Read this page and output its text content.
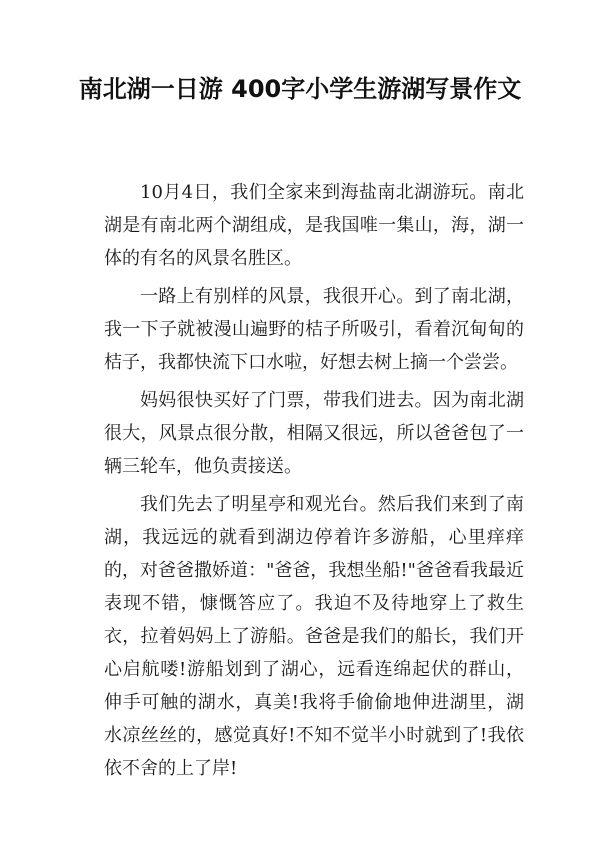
南北湖一日游 400字小学生游湖写景作文

10月4日，我们全家来到海盐南北湖游玩。南北湖是有南北两个湖组成，是我国唯一集山，海，湖一体的有名的风景名胜区。

一路上有别样的风景，我很开心。到了南北湖，我一下子就被漫山遍野的桔子所吸引，看着沉甸甸的桔子，我都快流下口水啦，好想去树上摘一个尝尝。

妈妈很快买好了门票，带我们进去。因为南北湖很大，风景点很分散，相隔又很远，所以爸爸包了一辆三轮车，他负责接送。

我们先去了明星亭和观光台。然后我们来到了南湖，我远远的就看到湖边停着许多游船，心里痒痒的，对爸爸撒娇道："爸爸，我想坐船!"爸爸看我最近表现不错，慷慨答应了。我迫不及待地穿上了救生衣，拉着妈妈上了游船。爸爸是我们的船长，我们开心启航喽!游船划到了湖心，远看连绵起伏的群山，伸手可触的湖水，真美!我将手偷偷地伸进湖里，湖水凉丝丝的，感觉真好!不知不觉半小时就到了!我依依不舍的上了岸!
